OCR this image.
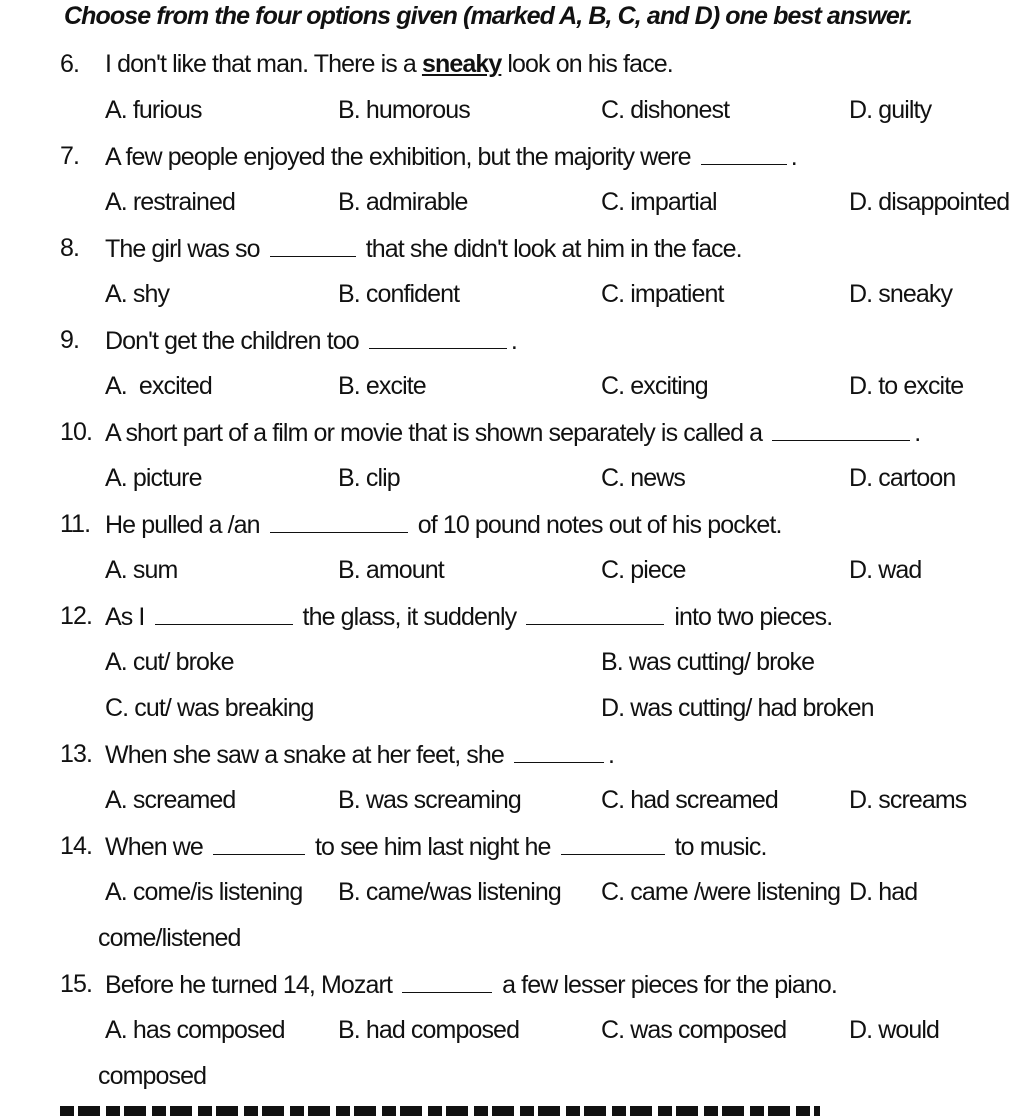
Choose from the four options given (marked A, B, C, and D) one best answer.
6. I don't like that man. There is a sneaky look on his face.
A. furious	B. humorous	C. dishonest	D. guilty
7. A few people enjoyed the exhibition, but the majority were	.
A. restrained	B. admirable	C. impartial	D. disappointed
8. The girl was so	that she didn't look at him in the face.
A. shy	B. confident	C. impatient	D. sneaky
9. Don't get the children too	.
A.  excited	B. excite	C. exciting	D. to excite
10. A short part of a film or movie that is shown separately is called a	.
A. picture	B. clip	C. news	D. cartoon
11. He pulled a /an	of 10 pound notes out of his pocket.
A. sum	B. amount	C. piece	D. wad
12. As I	the glass, it suddenly	into two pieces.
A. cut/ broke	B. was cutting/ broke
C. cut/ was breaking	D. was cutting/ had broken
13. When she saw a snake at her feet, she	.
A. screamed	B. was screaming	C. had screamed	D. screams
14. When we	to see him last night he	to music.
A. come/is listening B. came/was listening C. came /were listening D. had
come/listened
15. Before he turned 14, Mozart	a few lesser pieces for the piano.
A. has composed B. had composed	C. was composed	D. would
composed
